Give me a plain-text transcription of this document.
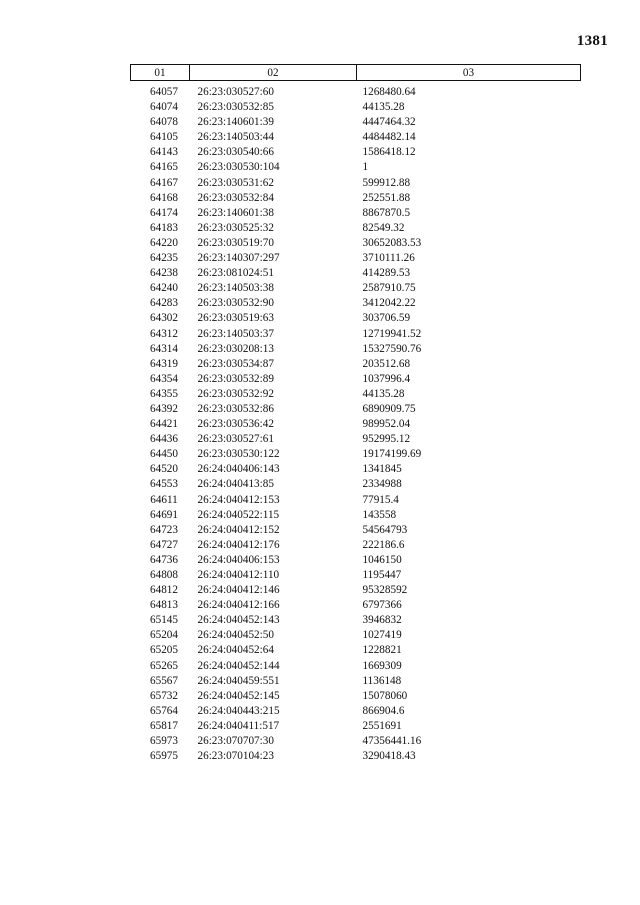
1381
01	02	03
64057	26:23:030527:60	1268480.64
64074	26:23:030532:85	44135.28
64078	26:23:140601:39	4447464.32
64105	26:23:140503:44	4484482.14
64143	26:23:030540:66	1586418.12
64165	26:23:030530:104	1
64167	26:23:030531:62	599912.88
64168	26:23:030532:84	252551.88
64174	26:23:140601:38	8867870.5
64183	26:23:030525:32	82549.32
64220	26:23:030519:70	30652083.53
64235	26:23:140307:297	3710111.26
64238	26:23:081024:51	414289.53
64240	26:23:140503:38	2587910.75
64283	26:23:030532:90	3412042.22
64302	26:23:030519:63	303706.59
64312	26:23:140503:37	12719941.52
64314	26:23:030208:13	15327590.76
64319	26:23:030534:87	203512.68
64354	26:23:030532:89	1037996.4
64355	26:23:030532:92	44135.28
64392	26:23:030532:86	6890909.75
64421	26:23:030536:42	989952.04
64436	26:23:030527:61	952995.12
64450	26:23:030530:122	19174199.69
64520	26:24:040406:143	1341845
64553	26:24:040413:85	2334988
64611	26:24:040412:153	77915.4
64691	26:24:040522:115	143558
64723	26:24:040412:152	54564793
64727	26:24:040412:176	222186.6
64736	26:24:040406:153	1046150
64808	26:24:040412:110	1195447
64812	26:24:040412:146	95328592
64813	26:24:040412:166	6797366
65145	26:24:040452:143	3946832
65204	26:24:040452:50	1027419
65205	26:24:040452:64	1228821
65265	26:24:040452:144	1669309
65567	26:24:040459:551	1136148
65732	26:24:040452:145	15078060
65764	26:24:040443:215	866904.6
65817	26:24:040411:517	2551691
65973	26:23:070707:30	47356441.16
65975	26:23:070104:23	3290418.43
